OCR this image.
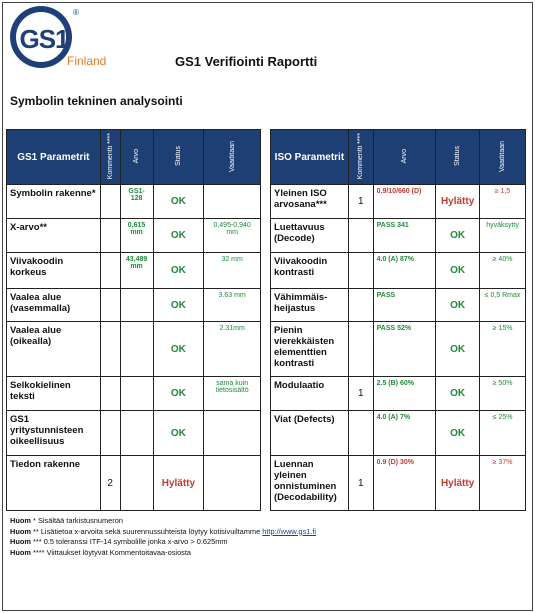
GS1
®
Finland	GS1 Verifiointi Raportti
Symbolin tekninen analysointi
GS1 Parametrit	Kommentti ****	Arvo	Status	Vaaditaan
Symbolin rakenne*		GS1-128	OK	
X-arvo**		0,615 mm	OK	0,495-0,940 mm
Viivakoodin korkeus		43,489 mm	OK	32 mm
Vaalea alue (vasemmalla)			OK	3.63 mm
Vaalea alue (oikealla)			OK	2.31mm
Selkokielinen teksti			OK	sama kuin tietosisältö
GS1 yritystunnisteen oikeellisuus			OK	
Tiedon rakenne	2		Hylätty	
ISO Parametrit	Kommentti ****	Arvo	Status	Vaaditaan
Yleinen ISO arvosana***	1	0.9/10/660 (D)	Hylätty	≥ 1,5
Luettavuus (Decode)		PASS 341	OK	hyväksytty
Viivakoodin kontrasti		4.0 (A) 87%	OK	≥ 40%
Vähimmäis-heijastus		PASS	OK	≤ 0,5 Rmax
Pienin vierekkäisten elementtien kontrasti		PASS 52%	OK	≥ 15%
Modulaatio	1	2.5 (B) 60%	OK	≥ 50%
Viat (Defects)		4.0 (A) 7%	OK	≤ 25%
Luennan yleinen onnistuminen (Decodability)	1	0.9 (D) 30%	Hylätty	≥ 37%
Huom * Sisältää tarkistusnumeron
Huom ** Lisätietoa x-arvoita sekä suurennussuhteista löytyy kotisivuiltamme http://www.gs1.fi
Huom *** 0.5 toleranssi ITF-14 symbolille jonka x-arvo > 0.625mm
Huom **** Viittaukset löytyvät Kommentoitavaa-osiosta
